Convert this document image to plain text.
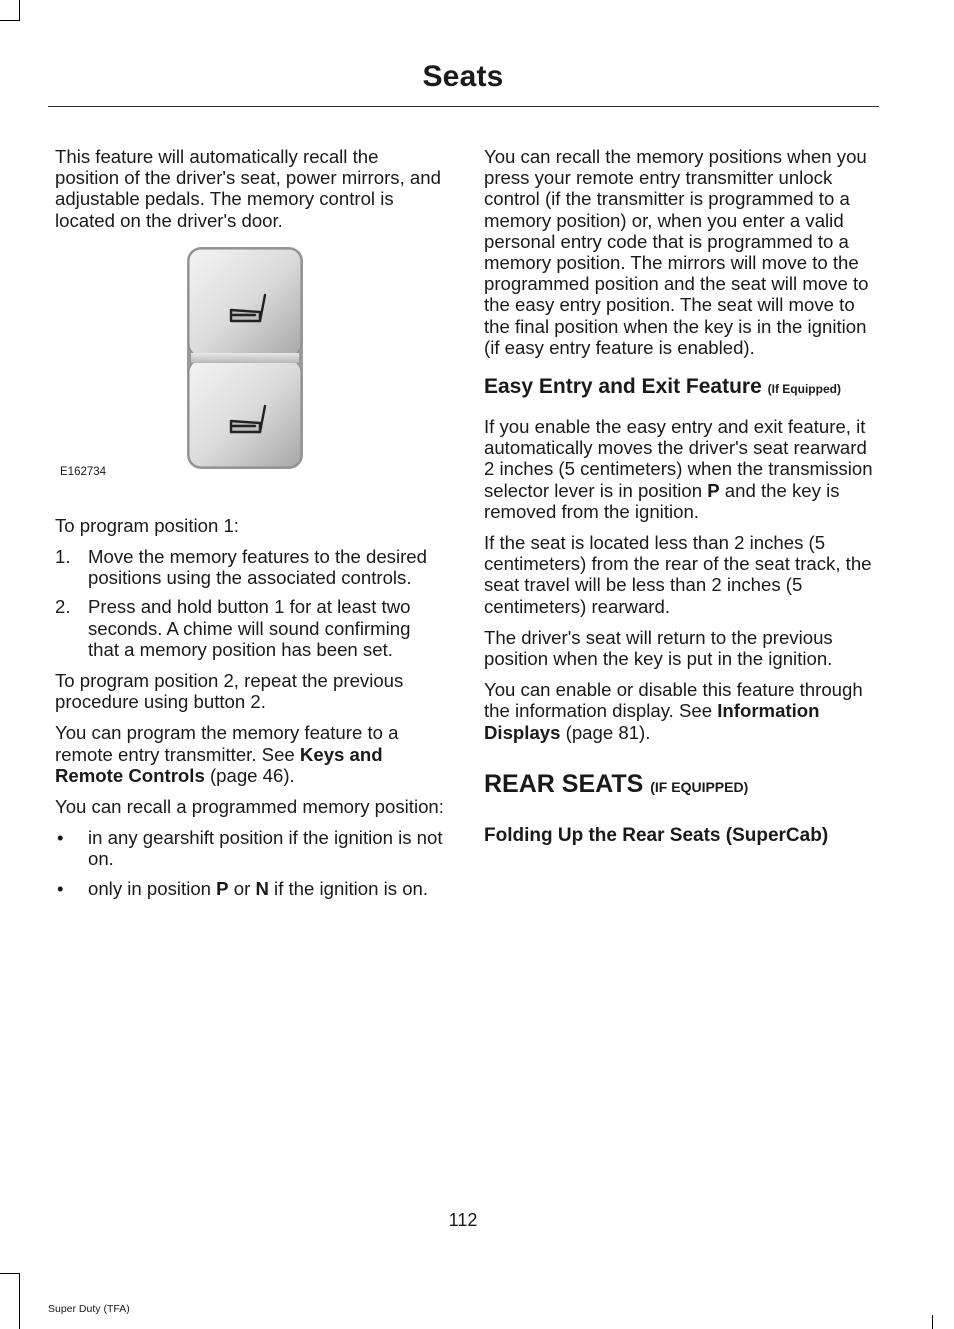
Seats

This feature will automatically recall the position of the driver's seat, power mirrors, and adjustable pedals. The memory control is located on the driver's door.

E162734

To program position 1:

1. Move the memory features to the desired positions using the associated controls.
2. Press and hold button 1 for at least two seconds. A chime will sound confirming that a memory position has been set.

To program position 2, repeat the previous procedure using button 2.

You can program the memory feature to a remote entry transmitter. See Keys and Remote Controls (page 46).

You can recall a programmed memory position:

• in any gearshift position if the ignition is not on.
• only in position P or N if the ignition is on.

You can recall the memory positions when you press your remote entry transmitter unlock control (if the transmitter is programmed to a memory position) or, when you enter a valid personal entry code that is programmed to a memory position. The mirrors will move to the programmed position and the seat will move to the easy entry position. The seat will move to the final position when the key is in the ignition (if easy entry feature is enabled).

Easy Entry and Exit Feature (If Equipped)

If you enable the easy entry and exit feature, it automatically moves the driver's seat rearward 2 inches (5 centimeters) when the transmission selector lever is in position P and the key is removed from the ignition.

If the seat is located less than 2 inches (5 centimeters) from the rear of the seat track, the seat travel will be less than 2 inches (5 centimeters) rearward.

The driver's seat will return to the previous position when the key is put in the ignition.

You can enable or disable this feature through the information display. See Information Displays (page 81).

REAR SEATS (IF EQUIPPED)
Folding Up the Rear Seats (SuperCab)
112
Super Duty (TFA)
